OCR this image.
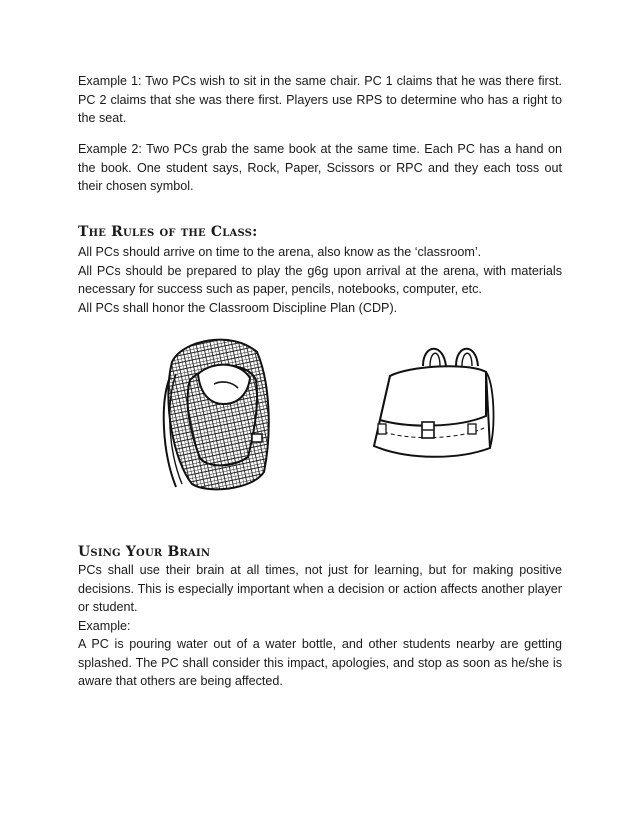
Example 1: Two PCs wish to sit in the same chair. PC 1 claims that he was there first. PC 2 claims that she was there first. Players use RPS to determine who has a right to the seat.

Example 2: Two PCs grab the same book at the same time. Each PC has a hand on the book. One student says, Rock, Paper, Scissors or RPC and they each toss out their chosen symbol.

The Rules of the Class:

All PCs should arrive on time to the arena, also know as the ‘classroom’.
All PCs should be prepared to play the g6g upon arrival at the arena, with materials necessary for success such as paper, pencils, notebooks, computer, etc.
All PCs shall honor the Classroom Discipline Plan (CDP).

Using Your Brain

PCs shall use their brain at all times, not just for learning, but for making positive decisions. This is especially important when a decision or action affects another player or student.
Example:
A PC is pouring water out of a water bottle, and other students nearby are getting splashed. The PC shall consider this impact, apologies, and stop as soon as he/she is aware that others are being affected.
